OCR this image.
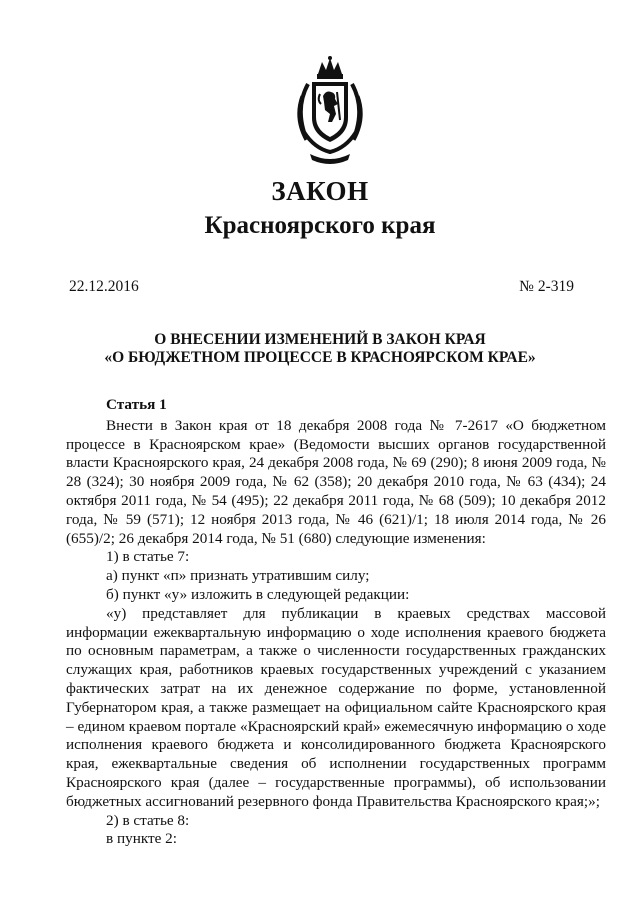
ЗАКОН
Красноярского края
22.12.2016	№ 2-319
О ВНЕСЕНИИ ИЗМЕНЕНИЙ В ЗАКОН КРАЯ
«О БЮДЖЕТНОМ ПРОЦЕССЕ В КРАСНОЯРСКОМ КРАЕ»
Статья 1

Внести в Закон края от 18 декабря 2008 года № 7-2617 «О бюджетном процессе в Красноярском крае» (Ведомости высших органов государственной власти Красноярского края, 24 декабря 2008 года, № 69 (290); 8 июня 2009 года, № 28 (324); 30 ноября 2009 года, № 62 (358); 20 декабря 2010 года, № 63 (434); 24 октября 2011 года, № 54 (495); 22 декабря 2011 года, № 68 (509); 10 декабря 2012 года, № 59 (571); 12 ноября 2013 года, № 46 (621)/1; 18 июля 2014 года, № 26 (655)/2; 26 декабря 2014 года, № 51 (680) следующие изменения:

1) в статье 7:

а) пункт «п» признать утратившим силу;

б) пункт «у» изложить в следующей редакции:

«у) представляет для публикации в краевых средствах массовой информации ежеквартальную информацию о ходе исполнения краевого бюджета по основным параметрам, а также о численности государственных гражданских служащих края, работников краевых государственных учреждений с указанием фактических затрат на их денежное содержание по форме, установленной Губернатором края, а также размещает на официальном сайте Красноярского края – едином краевом портале «Красноярский край» ежемесячную информацию о ходе исполнения краевого бюджета и консолидированного бюджета Красноярского края, ежеквартальные сведения об исполнении государственных программ Красноярского края (далее – государственные программы), об использовании бюджетных ассигнований резервного фонда Правительства Красноярского края;»;

2) в статье 8:

в пункте 2:
